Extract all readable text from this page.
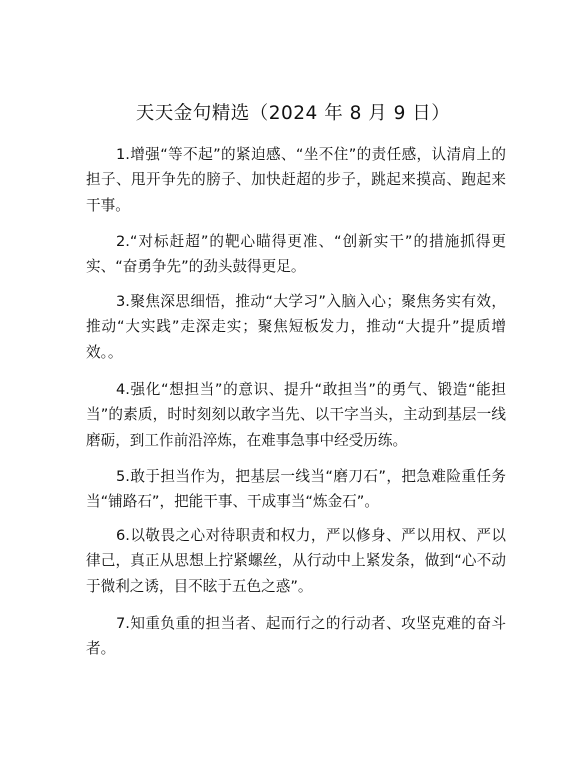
天天金句精选（2024 年 8 月 9 日）

1.增强“等不起”的紧迫感、“坐不住”的责任感，认清肩上的担子、甩开争先的膀子、加快赶超的步子，跳起来摸高、跑起来干事。

2.“对标赶超”的靶心瞄得更准、“创新实干”的措施抓得更实、“奋勇争先”的劲头鼓得更足。

3.聚焦深思细悟，推动“大学习”入脑入心；聚焦务实有效，推动“大实践”走深走实；聚焦短板发力，推动“大提升”提质增效。。

4.强化“想担当”的意识、提升“敢担当”的勇气、锻造“能担当”的素质，时时刻刻以敢字当先、以干字当头，主动到基层一线磨砺，到工作前沿淬炼，在难事急事中经受历练。

5.敢于担当作为，把基层一线当“磨刀石”，把急难险重任务当“铺路石”，把能干事、干成事当“炼金石”。

6.以敬畏之心对待职责和权力，严以修身、严以用权、严以律己，真正从思想上拧紧螺丝，从行动中上紧发条，做到“心不动于微利之诱，目不眩于五色之惑”。

7.知重负重的担当者、起而行之的行动者、攻坚克难的奋斗者。
